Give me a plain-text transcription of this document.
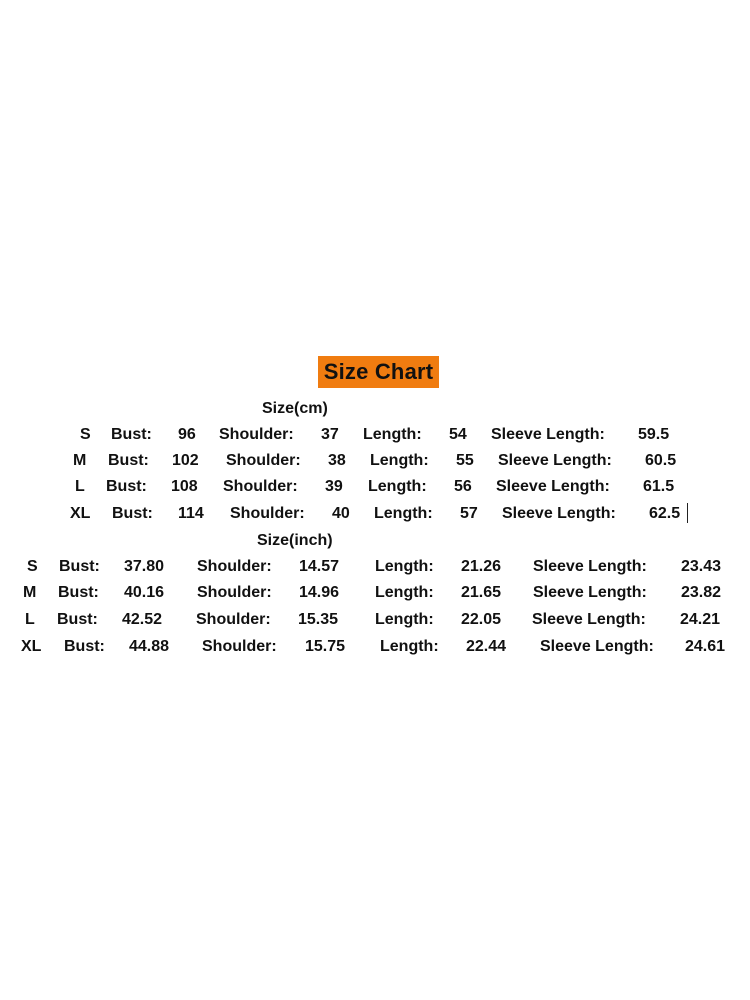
Size Chart
Size(cm)
Size(inch)
S Bust: 96 Shoulder: 37 Length: 54 Sleeve Length: 59.5
M Bust: 102 Shoulder: 38 Length: 55 Sleeve Length: 60.5
L Bust: 108 Shoulder: 39 Length: 56 Sleeve Length: 61.5
XL Bust: 114 Shoulder: 40 Length: 57 Sleeve Length: 62.5
S Bust: 37.80 Shoulder: 14.57 Length: 21.26 Sleeve Length: 23.43
M Bust: 40.16 Shoulder: 14.96 Length: 21.65 Sleeve Length: 23.82
L Bust: 42.52 Shoulder: 15.35 Length: 22.05 Sleeve Length: 24.21
XL Bust: 44.88 Shoulder: 15.75 Length: 22.44 Sleeve Length: 24.61
